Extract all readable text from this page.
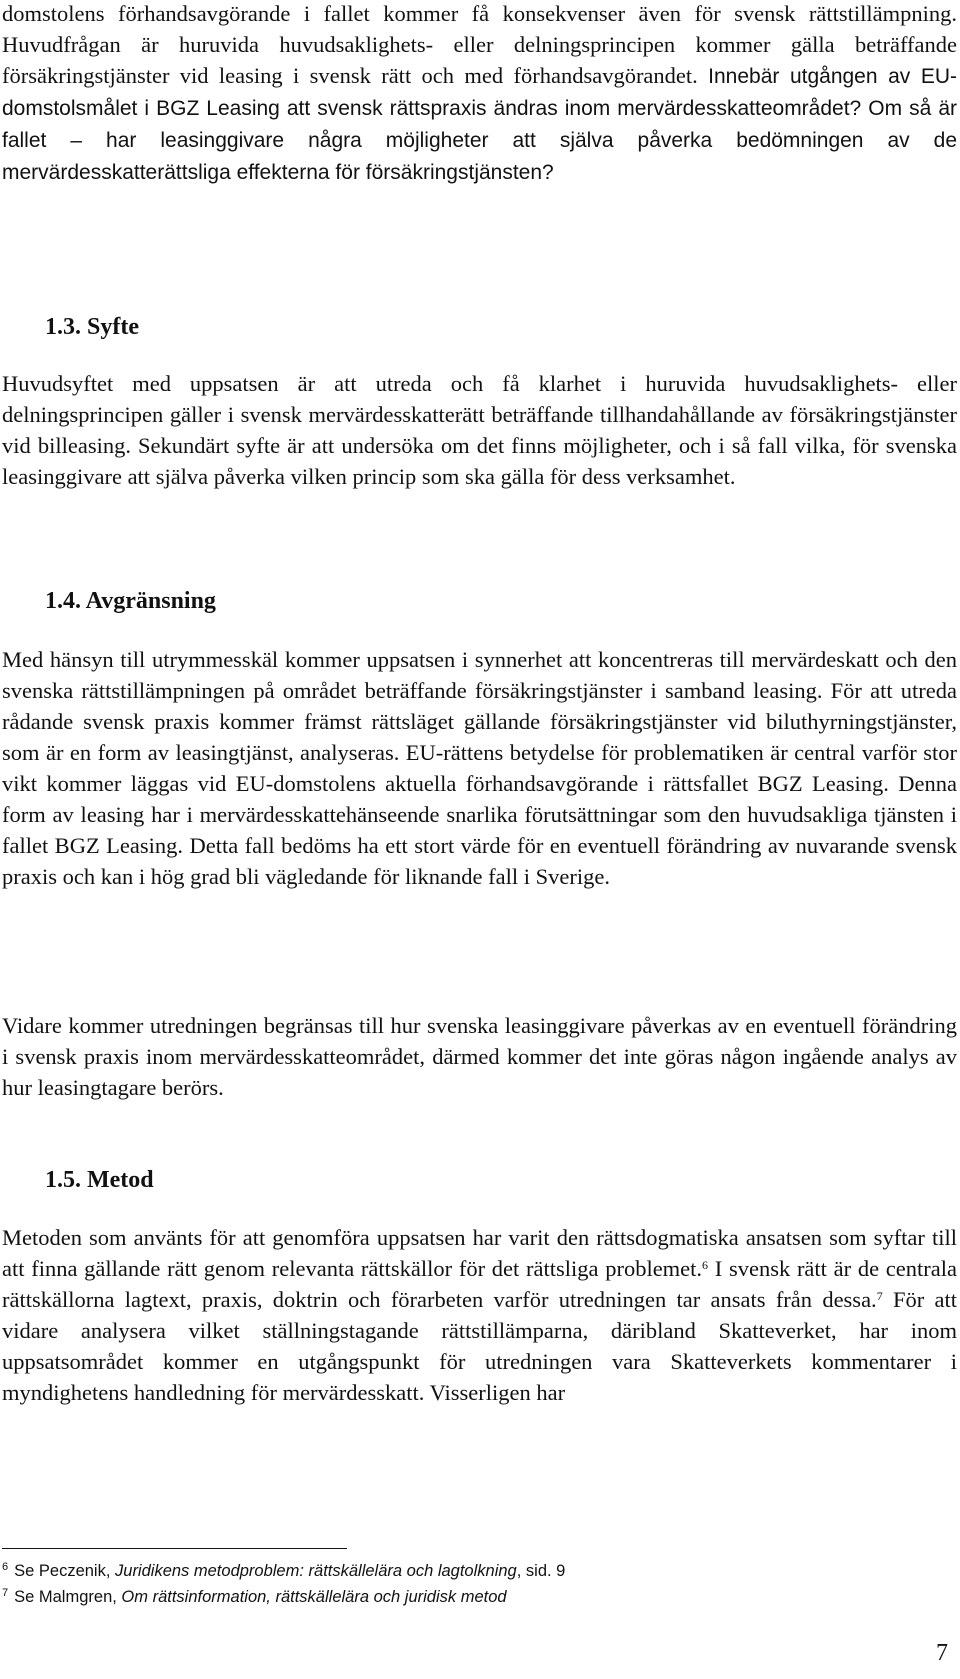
domstolens förhandsavgörande i fallet kommer få konsekvenser även för svensk rättstillämpning. Huvudfrågan är huruvida huvudsaklighets- eller delningsprincipen kommer gälla beträffande försäkringstjänster vid leasing i svensk rätt och med förhandsavgörandet. Innebär utgången av EU-domstolsmålet i BGZ Leasing att svensk rättspraxis ändras inom mervärdesskatteområdet? Om så är fallet – har leasinggivare några möjligheter att själva påverka bedömningen av de mervärdesskatterättsliga effekterna för försäkringstjänsten?

1.3. Syfte

Huvudsyftet med uppsatsen är att utreda och få klarhet i huruvida huvudsaklighets- eller delningsprincipen gäller i svensk mervärdesskatterätt beträffande tillhandahållande av försäkringstjänster vid billeasing. Sekundärt syfte är att undersöka om det finns möjligheter, och i så fall vilka, för svenska leasinggivare att själva påverka vilken princip som ska gälla för dess verksamhet.

1.4. Avgränsning

Med hänsyn till utrymmesskäl kommer uppsatsen i synnerhet att koncentreras till mervärdeskatt och den svenska rättstillämpningen på området beträffande försäkringstjänster i samband leasing. För att utreda rådande svensk praxis kommer främst rättsläget gällande försäkringstjänster vid biluthyrningstjänster, som är en form av leasingtjänst, analyseras. EU-rättens betydelse för problematiken är central varför stor vikt kommer läggas vid EU-domstolens aktuella förhandsavgörande i rättsfallet BGZ Leasing. Denna form av leasing har i mervärdesskattehänseende snarlika förutsättningar som den huvudsakliga tjänsten i fallet BGZ Leasing. Detta fall bedöms ha ett stort värde för en eventuell förändring av nuvarande svensk praxis och kan i hög grad bli vägledande för liknande fall i Sverige.

Vidare kommer utredningen begränsas till hur svenska leasinggivare påverkas av en eventuell förändring i svensk praxis inom mervärdesskatteområdet, därmed kommer det inte göras någon ingående analys av hur leasingtagare berörs.

1.5. Metod

Metoden som använts för att genomföra uppsatsen har varit den rättsdogmatiska ansatsen som syftar till att finna gällande rätt genom relevanta rättskällor för det rättsliga problemet.$^6$ I svensk rätt är de centrala rättskällorna lagtext, praxis, doktrin och förarbeten varför utredningen tar ansats från dessa.$^7$ För att vidare analysera vilket ställningstagande rättstillämparna, däribland Skatteverket, har inom uppsatsområdet kommer en utgångspunkt för utredningen vara Skatteverkets kommentarer i myndighetens handledning för mervärdesskatt. Visserligen har

$^6$ Se Peczenik, Juridikens metodproblem: rättskällelära och lagtolkning, sid. 9

$^7$ Se Malmgren, Om rättsinformation, rättskällelära och juridisk metod

7
